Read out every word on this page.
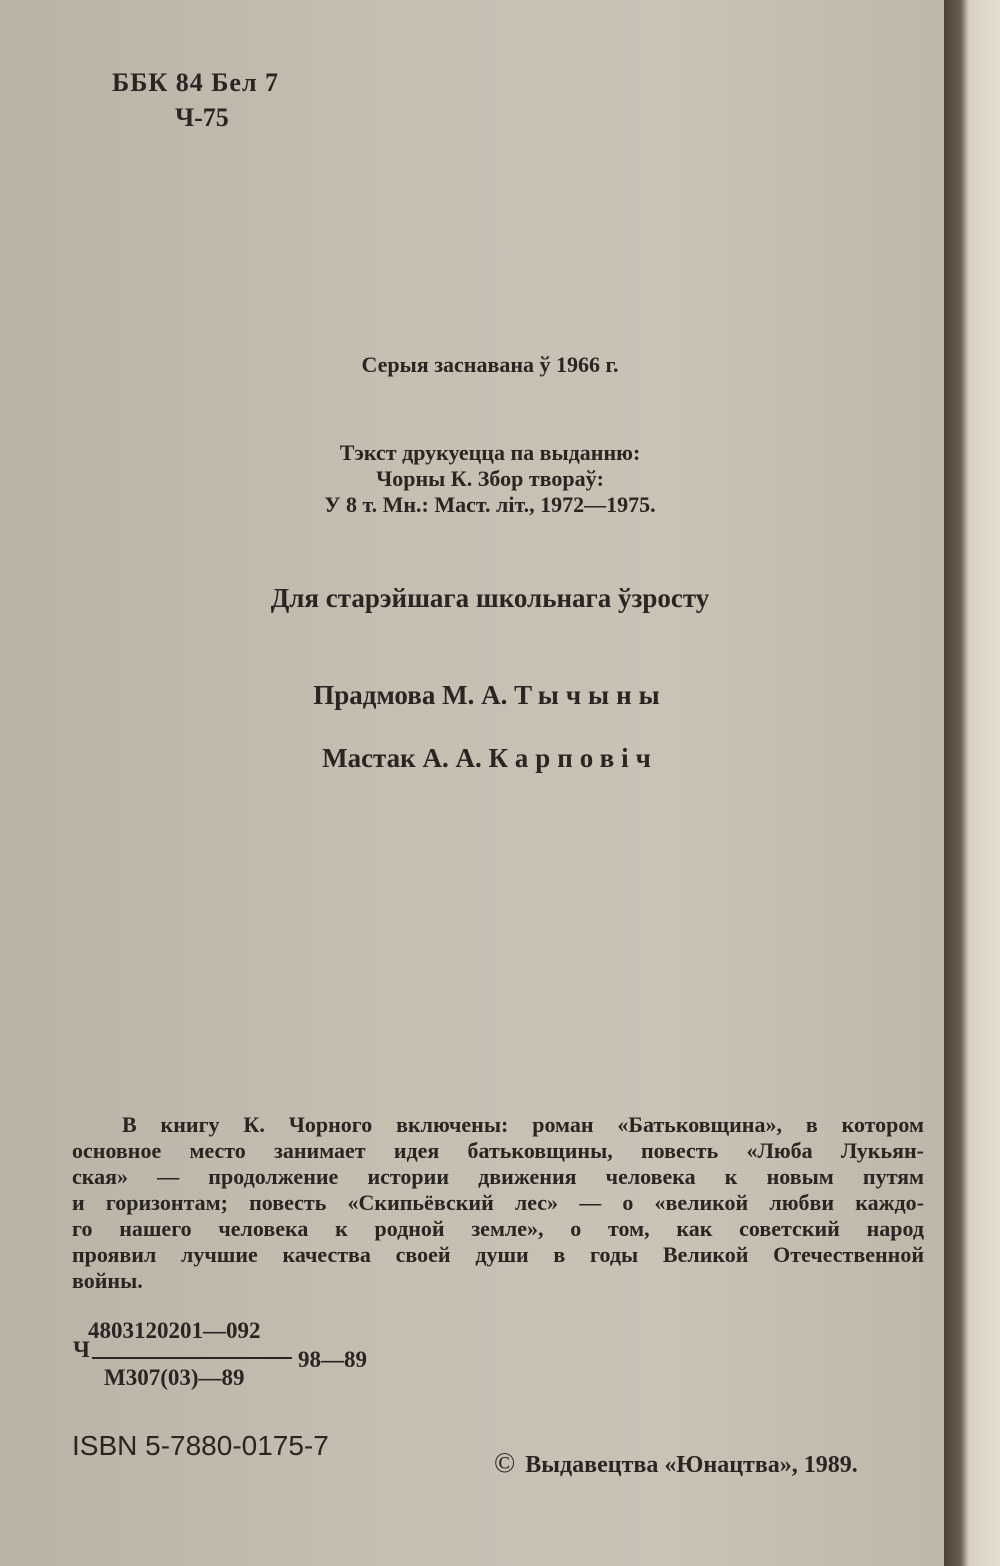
ББК 84 Бел 7
Ч-75
Серыя заснавана ў 1966 г.
Тэкст друкуецца па выданню:
Чорны К. Збор твораў:
У 8 т. Мн.: Маст. літ., 1972—1975.
Для старэйшага школьнага ўзросту
Прадмова М. А. Тычыны
Мастак А. А. Карповіч
В книгу К. Чорного включены: роман «Батьковщина», в котором
основное место занимает идея батьковщины, повесть «Люба Лукьян-
ская» — продолжение истории движения человека к новым путям
и горизонтам; повесть «Скипьёвский лес» — о «великой любви каждо-
го нашего человека к родной земле», о том, как советский народ
проявил лучшие качества своей души в годы Великой Отечественной
войны.
4803120201—092
Ч	98—89
М307(03)—89
ISBN 5-7880-0175-7
© Выдавецтва «Юнацтва», 1989.
